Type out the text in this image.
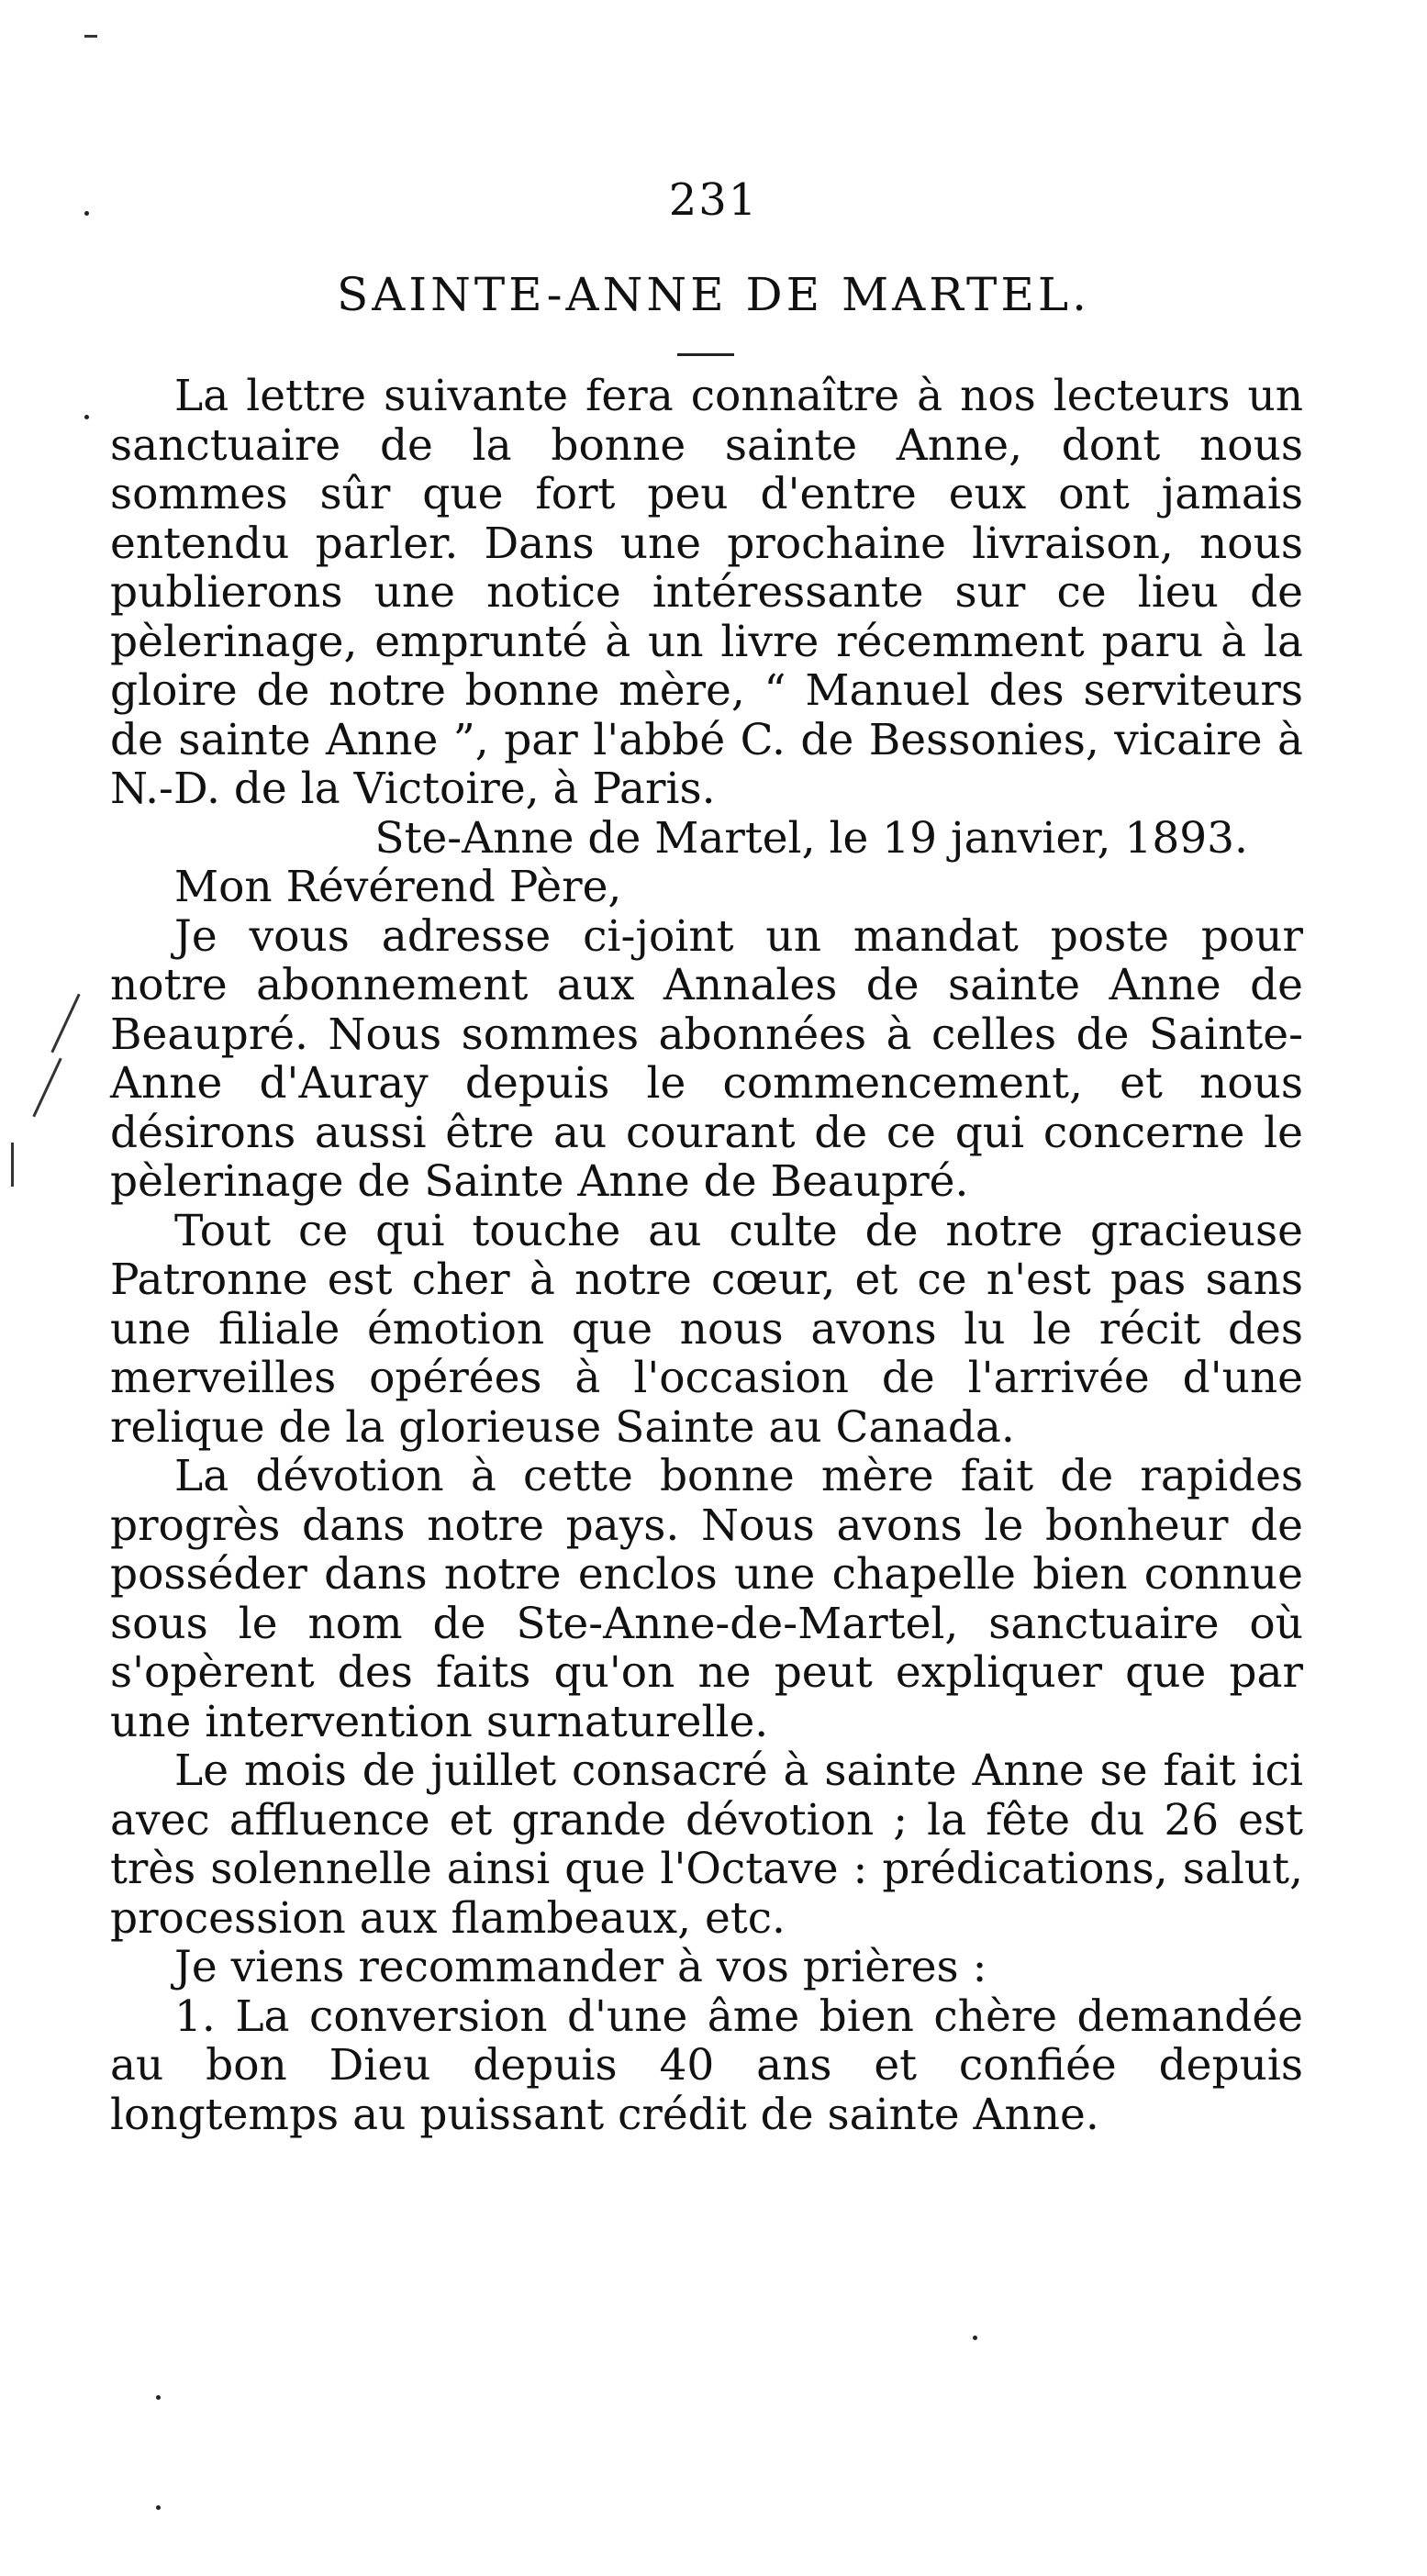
231
SAINTE-ANNE DE MARTEL.

La lettre suivante fera connaître à nos lecteurs un sanctuaire de la bonne sainte Anne, dont nous sommes sûr que fort peu d'entre eux ont jamais entendu parler. Dans une prochaine livraison, nous publierons une notice intéressante sur ce lieu de pèlerinage, emprunté à un livre récemment paru à la gloire de notre bonne mère, “ Manuel des serviteurs de sainte Anne ”, par l'abbé C. de Bessonies, vicaire à N.-D. de la Victoire, à Paris.

Ste-Anne de Martel, le 19 janvier, 1893.

Mon Révérend Père,

Je vous adresse ci-joint un mandat poste pour notre abonnement aux Annales de sainte Anne de Beaupré. Nous sommes abonnées à celles de Sainte-Anne d'Auray depuis le commencement, et nous désirons aussi être au courant de ce qui concerne le pèlerinage de Sainte Anne de Beaupré.

Tout ce qui touche au culte de notre gracieuse Patronne est cher à notre cœur, et ce n'est pas sans une filiale émotion que nous avons lu le récit des merveilles opérées à l'occasion de l'arrivée d'une relique de la glorieuse Sainte au Canada.

La dévotion à cette bonne mère fait de rapides progrès dans notre pays. Nous avons le bonheur de posséder dans notre enclos une chapelle bien connue sous le nom de Ste-Anne-de-Martel, sanctuaire où s'opèrent des faits qu'on ne peut expliquer que par une intervention surnaturelle.

Le mois de juillet consacré à sainte Anne se fait ici avec affluence et grande dévotion ; la fête du 26 est très solennelle ainsi que l'Octave : prédications, salut, procession aux flambeaux, etc.

Je viens recommander à vos prières :

1. La conversion d'une âme bien chère demandée au bon Dieu depuis 40 ans et confiée depuis longtemps au puissant crédit de sainte Anne.
